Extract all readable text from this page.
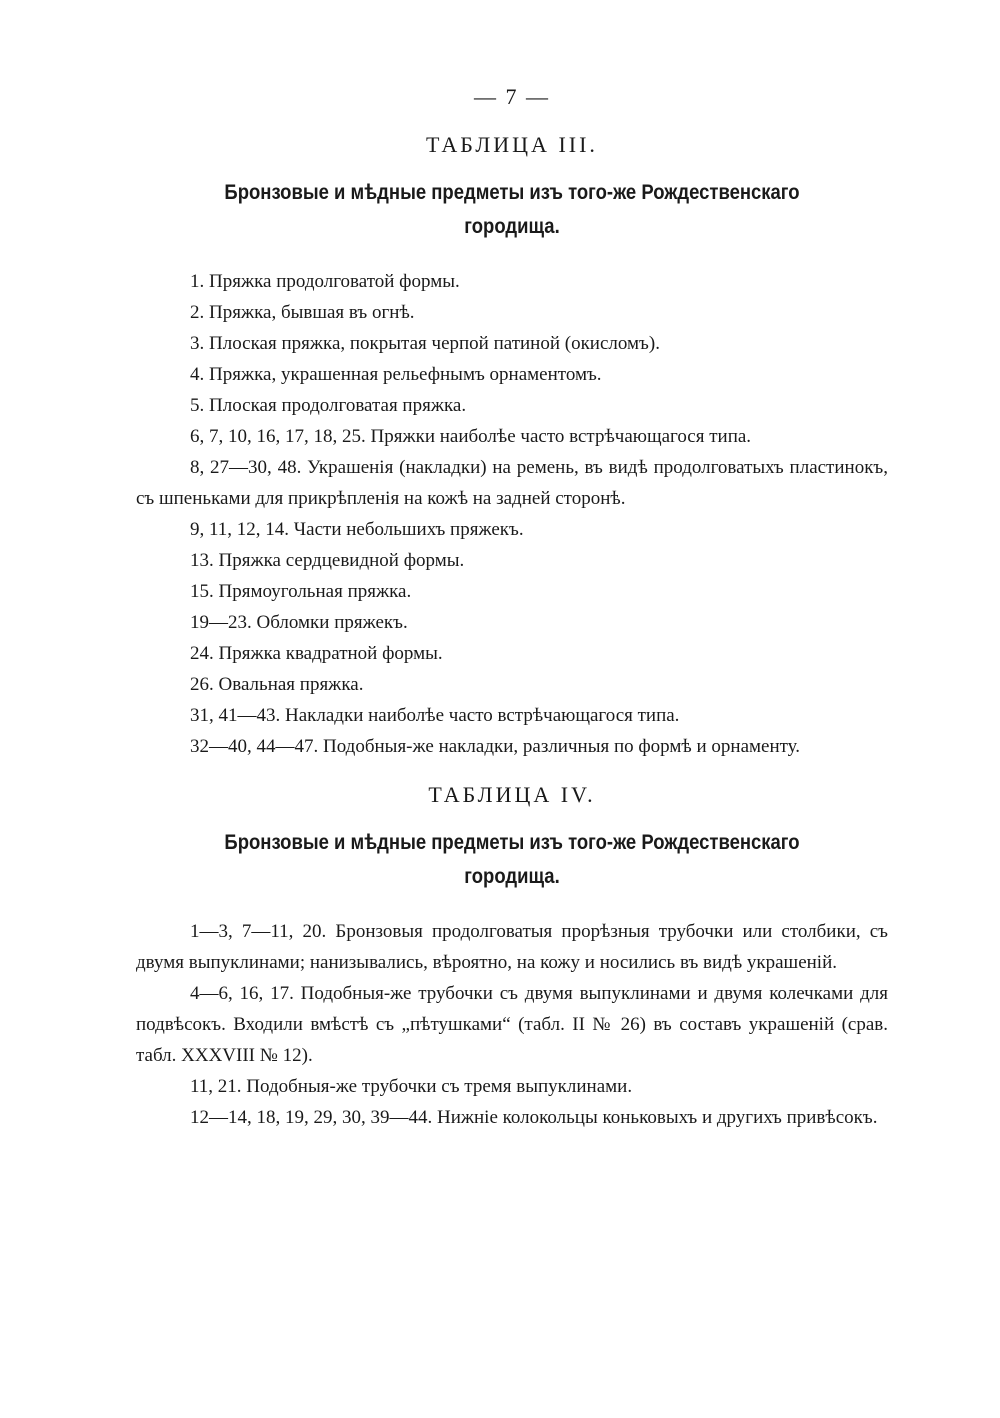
— 7 —
ТАБЛИЦА III.
Бронзовые и мѣдные предметы изъ того-же Рождественскаго
городища.

1. Пряжка продолговатой формы.

2. Пряжка, бывшая въ огнѣ.

3. Плоская пряжка, покрытая черпой патиной (окисломъ).

4. Пряжка, украшенная рельефнымъ орнаментомъ.

5. Плоская продолговатая пряжка.

6, 7, 10, 16, 17, 18, 25. Пряжки наиболѣе часто встрѣчающагося типа.

8, 27—30, 48. Украшенія (накладки) на ремень, въ видѣ продолговатыхъ пластинокъ, съ шпеньками для прикрѣпленія на кожѣ на задней сторонѣ.

9, 11, 12, 14. Части небольшихъ пряжекъ.

13. Пряжка сердцевидной формы.

15. Прямоугольная пряжка.

19—23. Обломки пряжекъ.

24. Пряжка квадратной формы.

26. Овальная пряжка.

31, 41—43. Накладки наиболѣе часто встрѣчающагося типа.

32—40, 44—47. Подобныя-же накладки, различныя по формѣ и орнаменту.

ТАБЛИЦА IV.
Бронзовые и мѣдные предметы изъ того-же Рождественскаго
городища.

1—3, 7—11, 20. Бронзовыя продолговатыя прорѣзныя трубочки или столбики, съ двумя выпуклинами; нанизывались, вѣроятно, на кожу и носились въ видѣ украшеній.

4—6, 16, 17. Подобныя-же трубочки съ двумя выпуклинами и двумя колечками для подвѣсокъ. Входили вмѣстѣ съ „пѣтушками“ (табл. II № 26) въ составъ украшеній (срав. табл. XXXVIII № 12).

11, 21. Подобныя-же трубочки съ тремя выпуклинами.

12—14, 18, 19, 29, 30, 39—44. Нижніе колокольцы коньковыхъ и другихъ привѣсокъ.
